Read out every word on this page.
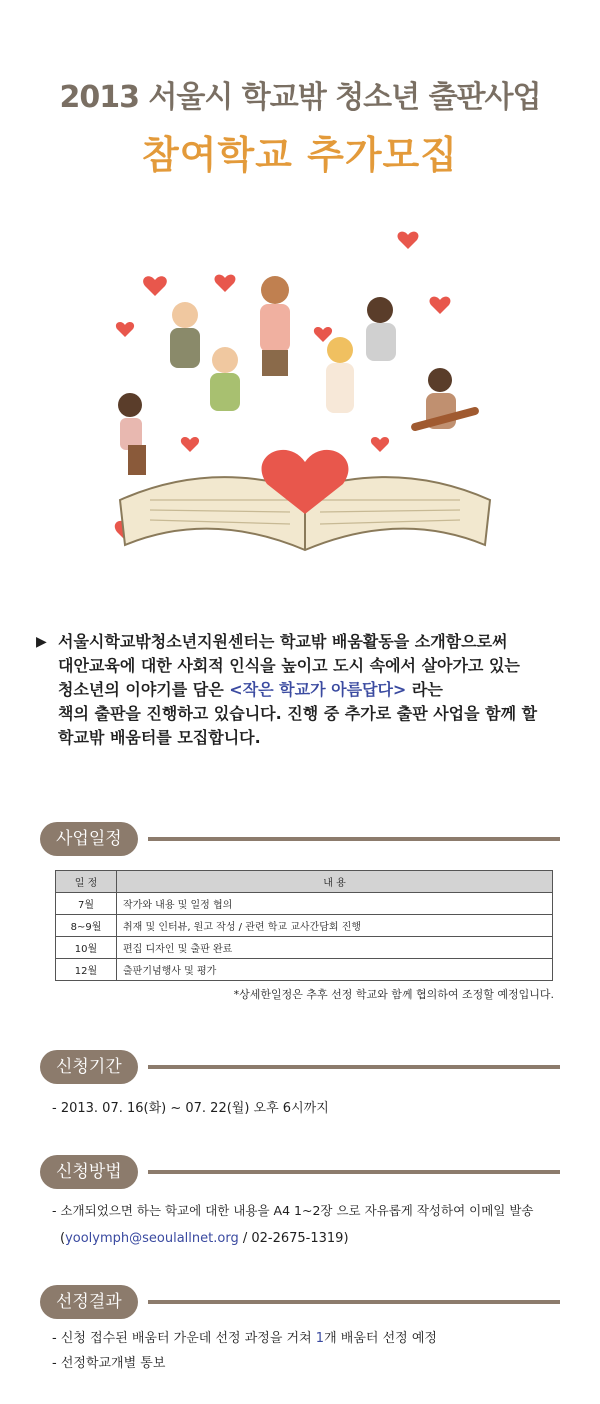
2013 서울시 학교밖 청소년 출판사업
참여학교 추가모집
▶ 서울시학교밖청소년지원센터는 학교밖 배움활동을 소개함으로써
대안교육에 대한 사회적 인식을 높이고 도시 속에서 살아가고 있는
청소년의 이야기를 담은 <작은 학교가 아름답다> 라는
책의 출판을 진행하고 있습니다. 진행 중 추가로 출판 사업을 함께 할
학교밖 배움터를 모집합니다.
사업일정
일 정	내 용
7월	작가와 내용 및 일정 협의
8~9월	취재 및 인터뷰, 원고 작성 / 관련 학교 교사간담회 진행
10월	편집 디자인 및 출판 완료
12월	출판기념행사 및 평가
*상세한일정은 추후 선정 학교와 함께 협의하여 조정할 예정입니다.
신청기간
- 2013. 07. 16(화) ~ 07. 22(월) 오후 6시까지
신청방법
- 소개되었으면 하는 학교에 대한 내용을 A4 1~2장 으로 자유롭게 작성하여 이메일 발송
(yoolymph@seoulallnet.org / 02-2675-1319)
선정결과
- 신청 접수된 배움터 가운데 선정 과정을 거쳐 1개 배움터 선정 예정
- 선정학교개별 통보
